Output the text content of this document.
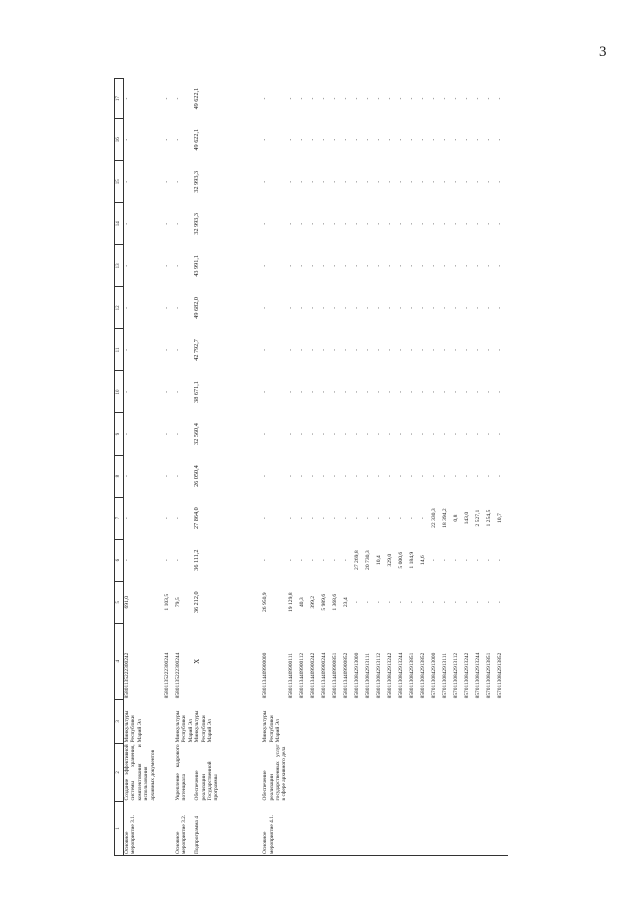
3
1	2	3	4	5	6	7	8	9	10	11	12	13	14	15	16	17
Основное мероприятие 3.1.	Создание эффективной системы хранения, комплектования и использования архивных документов	Минкультуры Республики Марий Эл	85801135222300242	691,0	-	-	-	-	-	-	-	-	-	-	-	-
			85801135222300244	1 103,5	-	-	-	-	-	-	-	-	-	-	-	-
Основное мероприятие 3.2.	Укрепление кадрового потенциала	Минкультуры Республики Марий Эл	85801135222300244	79,5	-	-	-	-	-	-	-	-	-	-	-	-
Подпрограмма 4	Обеспечение реализации Государственной программы	Минкультуры Республики Марий Эл	X	36 212,0	36 111,2	27 864,0	26 050,4	32 560,4	38 671,1	42 792,7	49 682,0	43 991,1	32 993,3	32 993,3	49 622,1	49 622,1

Основное мероприятие 4.1.	Обеспечение реализации государственных услуг в сфере архивного дела	Минкультуры Республики Марий Эл	85801134409900000	26 950,9	-	-	-	-	-	-	-	-	-	-	-	-
			85801134409900111	19 129,8	-	-	-	-	-	-	-	-	-	-	-	-
			85801134409900112	40,3	-	-	-	-	-	-	-	-	-	-	-	-
			85801134409900242	399,2	-	-	-	-	-	-	-	-	-	-	-	-
			85801134409900244	5 989,6	-	-	-	-	-	-	-	-	-	-	-	-
			85801134409900851	1 368,6	-	-	-	-	-	-	-	-	-	-	-	-
			85801134409900852	23,4	-	-	-	-	-	-	-	-	-	-	-	-
			85801130842913000	-	27 269,8	-	-	-	-	-	-	-	-	-	-	-
			85801130842913111	-	20 730,3	-	-	-	-	-	-	-	-	-	-	-
			85801130842913112	-	10,4	-	-	-	-	-	-	-	-	-	-	-
			85801130842913242	-	329,0	-	-	-	-	-	-	-	-	-	-	-
			85801130842913244	-	5 000,6	-	-	-	-	-	-	-	-	-	-	-
			85801130842913851	-	1 184,9	-	-	-	-	-	-	-	-	-	-	-
			85801130842913852	-	14,6	-	-	-	-	-	-	-	-	-	-	-
			85701130842913000	-	-	22 330,3	-	-	-	-	-	-	-	-	-	-
			85701130842913111	-	-	18 394,2	-	-	-	-	-	-	-	-	-	-
			85701130842913112	-	-	0,8	-	-	-	-	-	-	-	-	-	-
			85701130842913242	-	-	143,0	-	-	-	-	-	-	-	-	-	-
			85701130842913244	-	-	2 527,1	-	-	-	-	-	-	-	-	-	-
			85701130842913851	-	-	1 254,5	-	-	-	-	-	-	-	-	-	-
			85701130842913852	-	-	10,7	-	-	-	-	-	-	-	-	-	-
